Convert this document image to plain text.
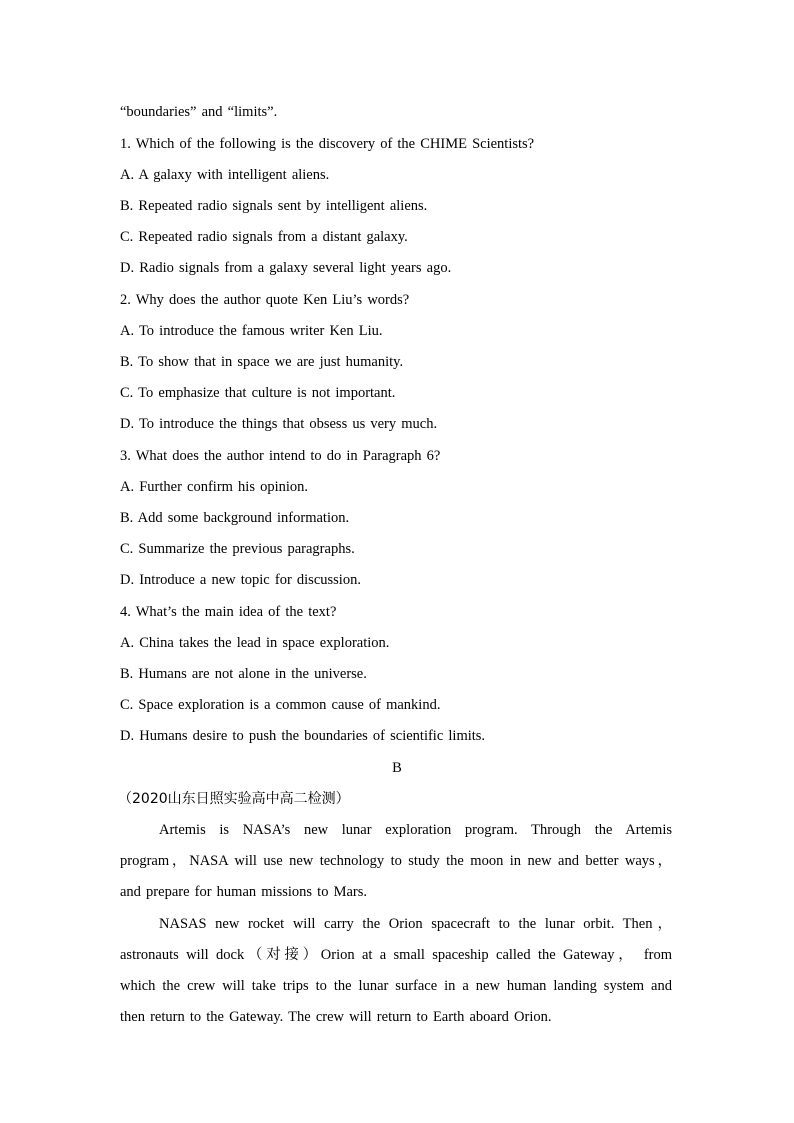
“boundaries” and “limits”.
1. Which of the following is the discovery of the CHIME Scientists?
A. A galaxy with intelligent aliens.
B. Repeated radio signals sent by intelligent aliens.
C. Repeated radio signals from a distant galaxy.
D. Radio signals from a galaxy several light years ago.
2. Why does the author quote Ken Liu’s words?
A. To introduce the famous writer Ken Liu.
B. To show that in space we are just humanity.
C. To emphasize that culture is not important.
D. To introduce the things that obsess us very much.
3. What does the author intend to do in Paragraph 6?
A. Further confirm his opinion.
B. Add some background information.
C. Summarize the previous paragraphs.
D. Introduce a new topic for discussion.
4. What’s the main idea of the text?
A. China takes the lead in space exploration.
B. Humans are not alone in the universe.
C. Space exploration is a common cause of mankind.
D. Humans desire to push the boundaries of scientific limits.
B
（2020山东日照实验高中高二检测）
Artemis is NASA’s new lunar exploration program. Through the Artemis
program，NASA will use new technology to study the moon in new and better ways，
and prepare for human missions to Mars.
NASAS new rocket will carry the Orion spacecraft to the lunar orbit. Then，
astronauts will dock（对接）Orion at a small spaceship called the Gateway， from
which the crew will take trips to the lunar surface in a new human landing system and
then return to the Gateway. The crew will return to Earth aboard Orion.
